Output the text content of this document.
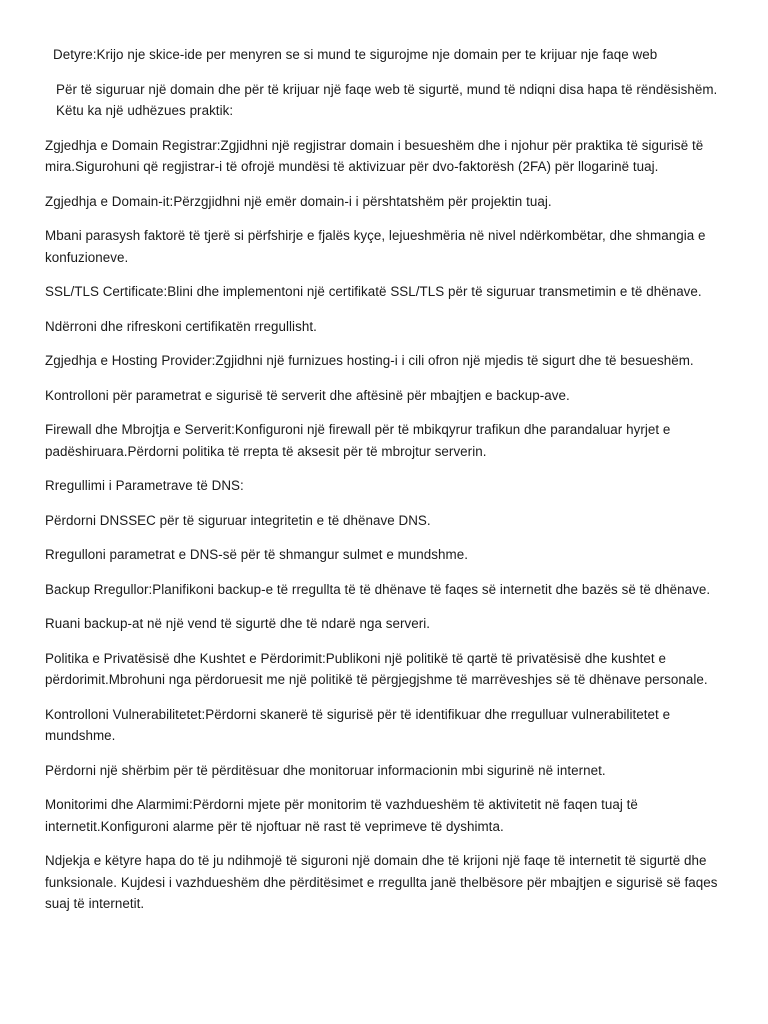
Detyre:Krijo nje skice-ide per menyren se si mund te sigurojme nje domain per te krijuar nje faqe web

Për të siguruar një domain dhe për të krijuar një faqe web të sigurtë, mund të ndiqni disa hapa të rëndësishëm. Këtu ka një udhëzues praktik:

Zgjedhja e Domain Registrar:Zgjidhni një regjistrar domain i besueshëm dhe i njohur për praktika të sigurisë të mira.Sigurohuni që regjistrar-i të ofrojë mundësi të aktivizuar për dvo-faktorësh (2FA) për llogarinë tuaj.

Zgjedhja e Domain-it:Përzgjidhni një emër domain-i i përshtatshëm për projektin tuaj.

Mbani parasysh faktorë të tjerë si përfshirje e fjalës kyçe, lejueshmëria në nivel ndërkombëtar, dhe shmangia e konfuzioneve.

SSL/TLS Certificate:Blini dhe implementoni një certifikatë SSL/TLS për të siguruar transmetimin e të dhënave.

Ndërroni dhe rifreskoni certifikatën rregullisht.

Zgjedhja e Hosting Provider:Zgjidhni një furnizues hosting-i i cili ofron një mjedis të sigurt dhe të besueshëm.

Kontrolloni për parametrat e sigurisë të serverit dhe aftësinë për mbajtjen e backup-ave.

Firewall dhe Mbrojtja e Serverit:Konfiguroni një firewall për të mbikqyrur trafikun dhe parandaluar hyrjet e padëshiruara.Përdorni politika të rrepta të aksesit për të mbrojtur serverin.

Rregullimi i Parametrave të DNS:

Përdorni DNSSEC për të siguruar integritetin e të dhënave DNS.

Rregulloni parametrat e DNS-së për të shmangur sulmet e mundshme.

Backup Rregullor:Planifikoni backup-e të rregullta të të dhënave të faqes së internetit dhe bazës së të dhënave.

Ruani backup-at në një vend të sigurtë dhe të ndarë nga serveri.

Politika e Privatësisë dhe Kushtet e Përdorimit:Publikoni një politikë të qartë të privatësisë dhe kushtet e përdorimit.Mbrohuni nga përdoruesit me një politikë të përgjegjshme të marrëveshjes së të dhënave personale.

Kontrolloni Vulnerabilitetet:Përdorni skanerë të sigurisë për të identifikuar dhe rregulluar vulnerabilitetet e mundshme.

Përdorni një shërbim për të përditësuar dhe monitoruar informacionin mbi sigurinë në internet.

Monitorimi dhe Alarmimi:Përdorni mjete për monitorim të vazhdueshëm të aktivitetit në faqen tuaj të internetit.Konfiguroni alarme për të njoftuar në rast të veprimeve të dyshimta.

Ndjekja e këtyre hapa do të ju ndihmojë të siguroni një domain dhe të krijoni një faqe të internetit të sigurtë dhe funksionale. Kujdesi i vazhdueshëm dhe përditësimet e rregullta janë thelbësore për mbajtjen e sigurisë së faqes suaj të internetit.
